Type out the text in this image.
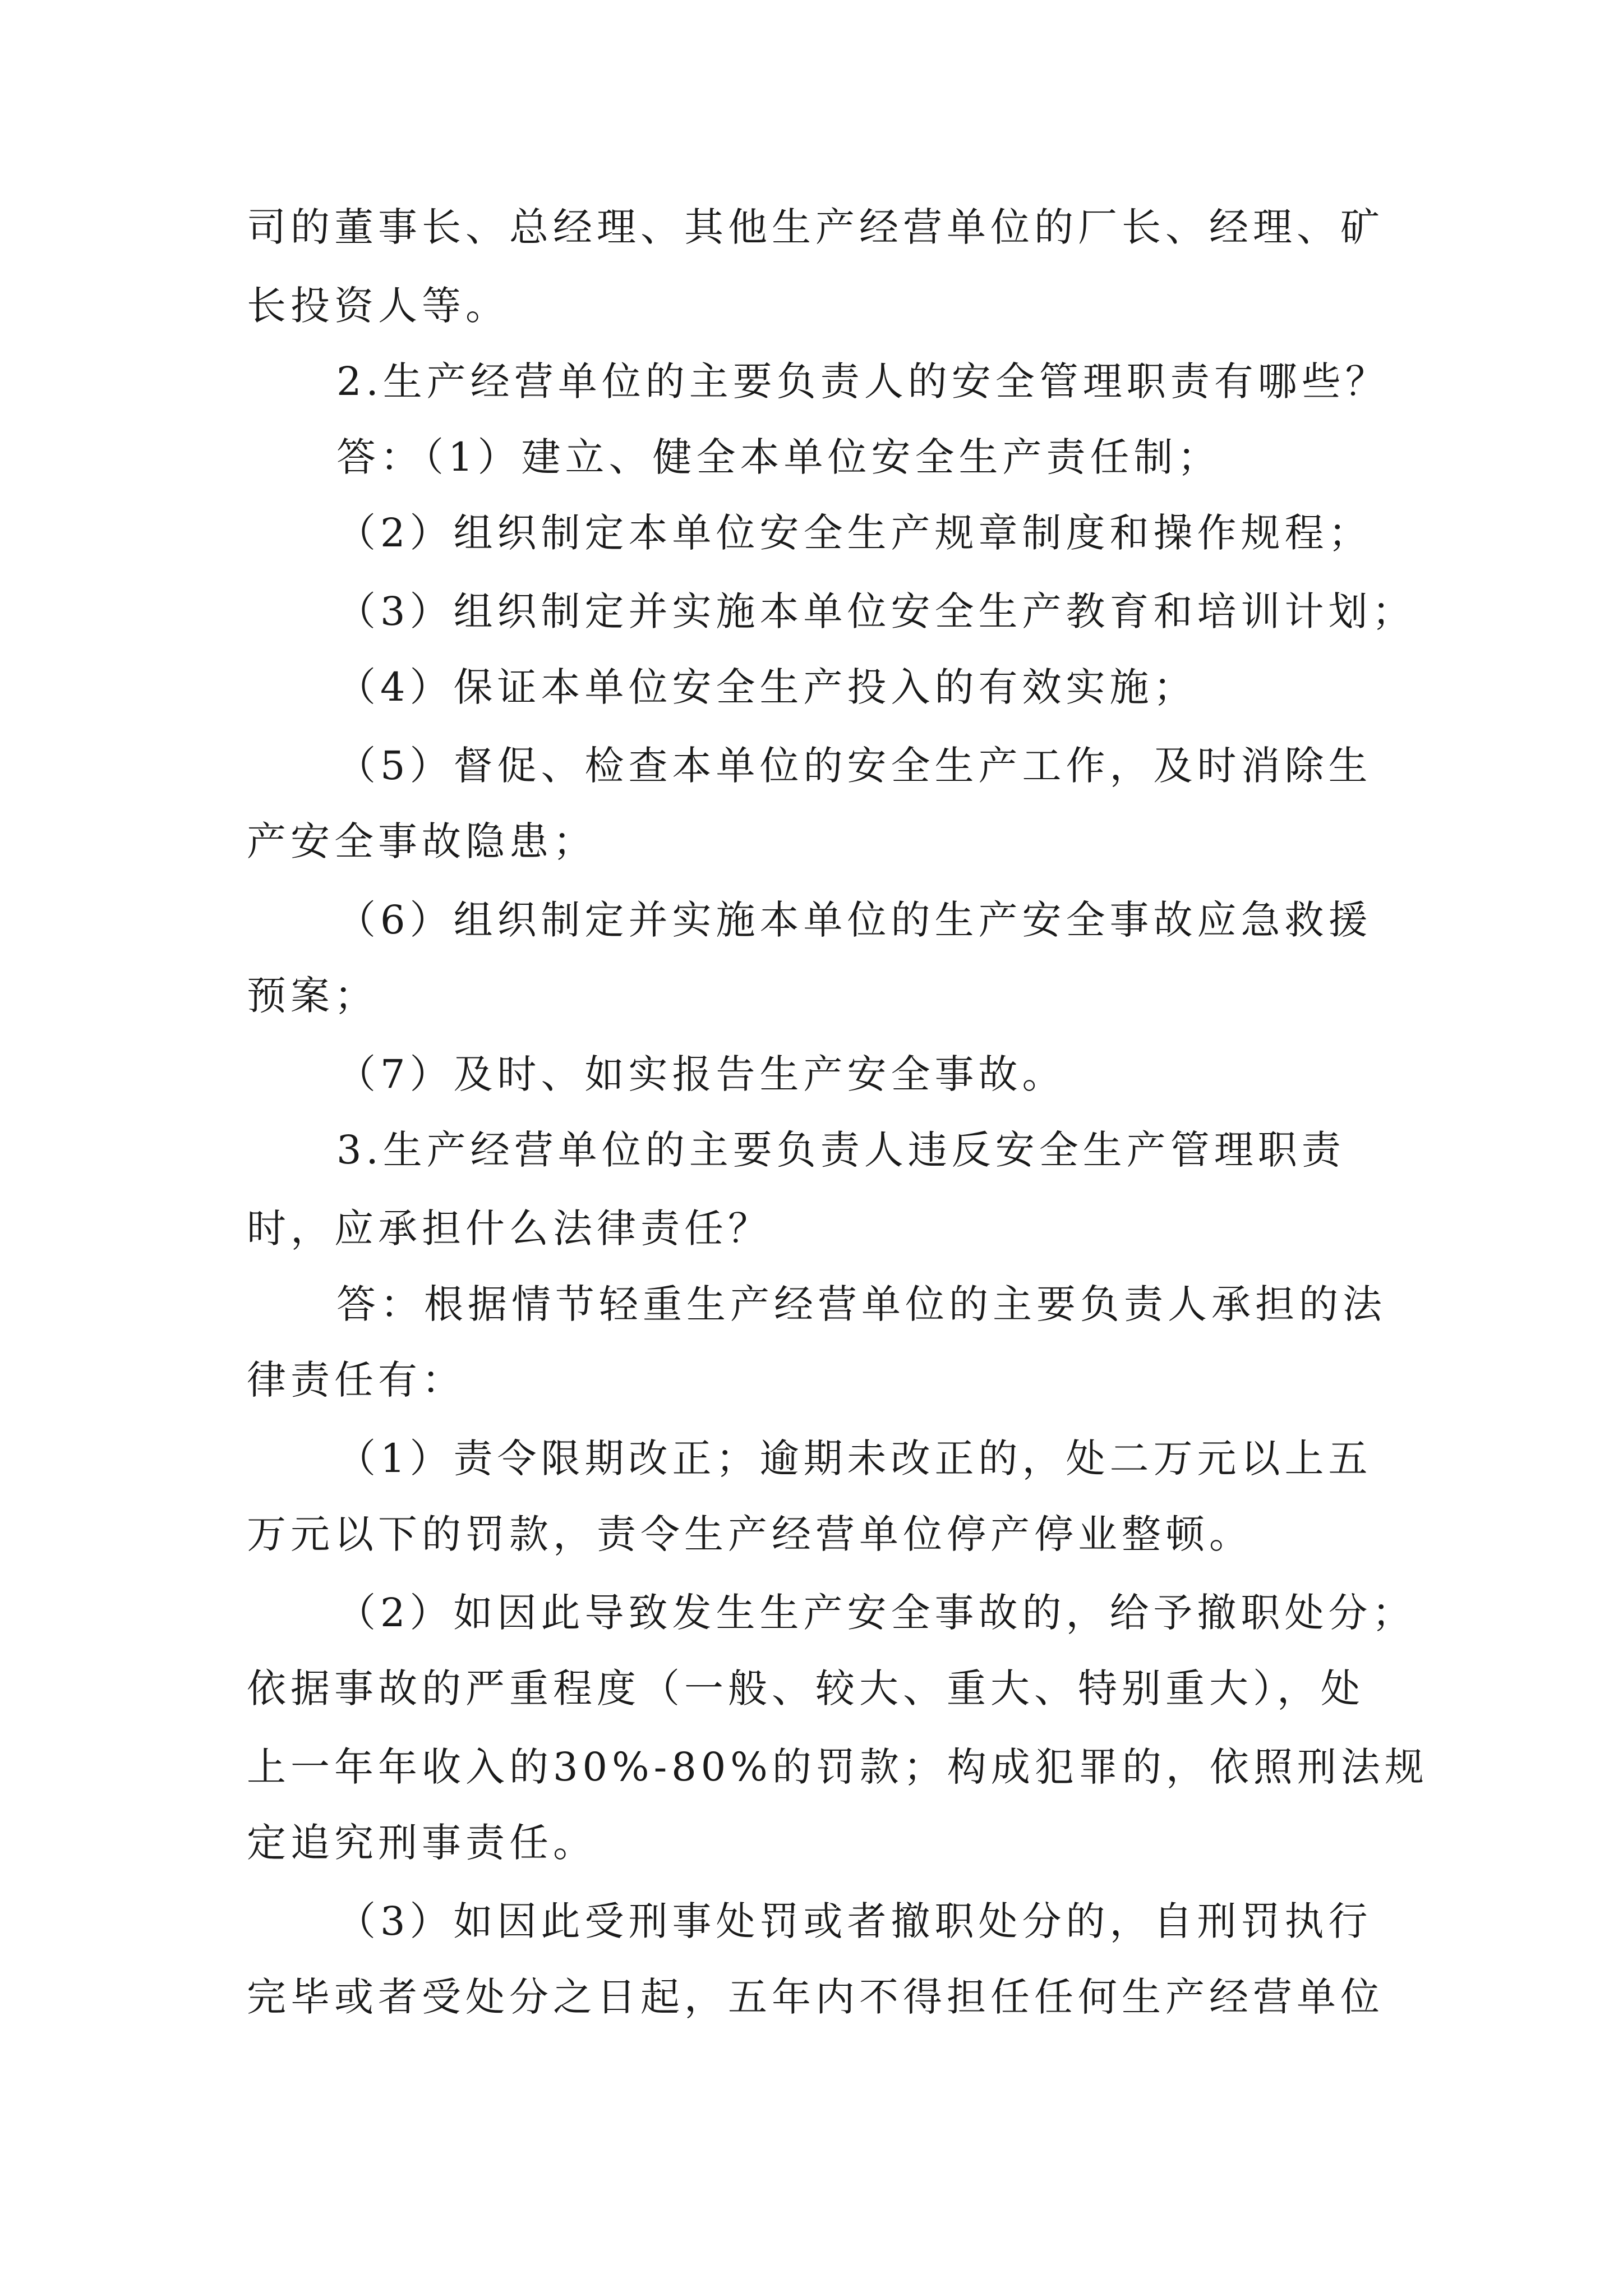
司的董事长、总经理、其他生产经营单位的厂长、经理、矿
长投资人等。
2.生产经营单位的主要负责人的安全管理职责有哪些？
答：（1）建立、健全本单位安全生产责任制；
（2）组织制定本单位安全生产规章制度和操作规程；
（3）组织制定并实施本单位安全生产教育和培训计划；
（4）保证本单位安全生产投入的有效实施；
（5）督促、检查本单位的安全生产工作，及时消除生
产安全事故隐患；
（6）组织制定并实施本单位的生产安全事故应急救援
预案；
（7）及时、如实报告生产安全事故。
3.生产经营单位的主要负责人违反安全生产管理职责
时，应承担什么法律责任？
答：根据情节轻重生产经营单位的主要负责人承担的法
律责任有：
（1）责令限期改正；逾期未改正的，处二万元以上五
万元以下的罚款，责令生产经营单位停产停业整顿。
（2）如因此导致发生生产安全事故的，给予撤职处分；
依据事故的严重程度（一般、较大、重大、特别重大），处
上一年年收入的30%-80%的罚款；构成犯罪的，依照刑法规
定追究刑事责任。
（3）如因此受刑事处罚或者撤职处分的，自刑罚执行
完毕或者受处分之日起，五年内不得担任任何生产经营单位
